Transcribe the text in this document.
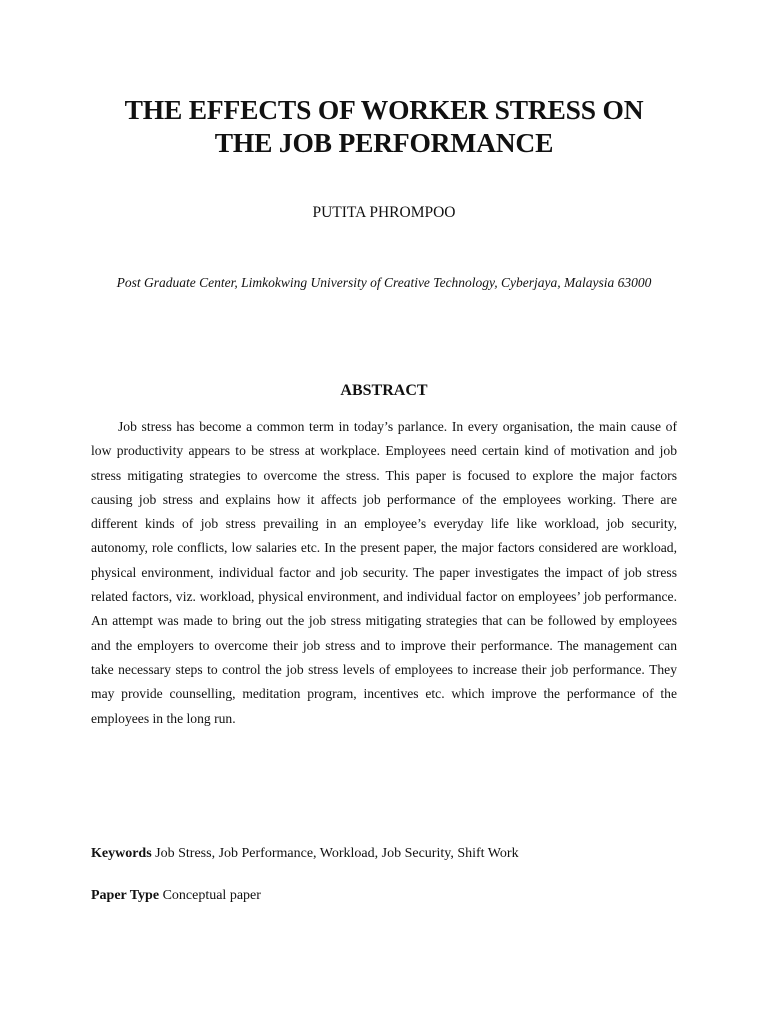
THE EFFECTS OF WORKER STRESS ON
THE JOB PERFORMANCE

PUTITA PHROMPOO

Post Graduate Center, Limkokwing University of Creative Technology, Cyberjaya, Malaysia 63000

ABSTRACT

Job stress has become a common term in today’s parlance. In every organisation, the main cause of low productivity appears to be stress at workplace. Employees need certain kind of motivation and job stress mitigating strategies to overcome the stress. This paper is focused to explore the major factors causing job stress and explains how it affects job performance of the employees working. There are different kinds of job stress prevailing in an employee’s everyday life like workload, job security, autonomy, role conflicts, low salaries etc. In the present paper, the major factors considered are workload, physical environment, individual factor and job security. The paper investigates the impact of job stress related factors, viz. workload, physical environment, and individual factor on employees’ job performance. An attempt was made to bring out the job stress mitigating strategies that can be followed by employees and the employers to overcome their job stress and to improve their performance. The management can take necessary steps to control the job stress levels of employees to increase their job performance. They may provide counselling, meditation program, incentives etc. which improve the performance of the employees in the long run.

Keywords Job Stress, Job Performance, Workload, Job Security, Shift Work

Paper Type Conceptual paper
